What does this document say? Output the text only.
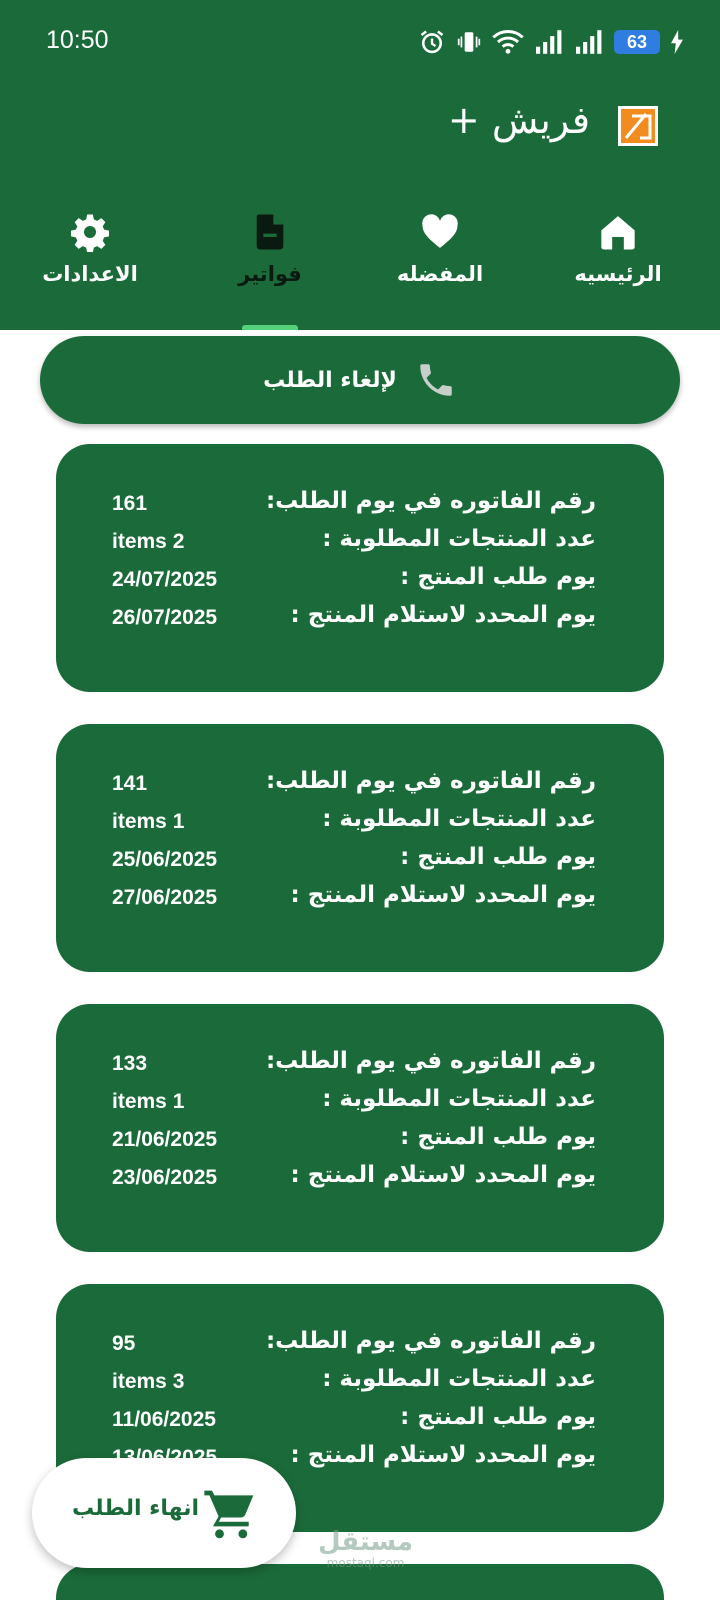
10:50	63
فريش +
الرئيسيه
المفضله
فواتير
الاعدادات
لإلغاء الطلب
رقم الفاتوره في يوم الطلب:
161
عدد المنتجات المطلوبة :
items 2
يوم طلب المنتج :
24/07/2025
يوم المحدد لاستلام المنتج :
26/07/2025
رقم الفاتوره في يوم الطلب:
141
عدد المنتجات المطلوبة :
items 1
يوم طلب المنتج :
25/06/2025
يوم المحدد لاستلام المنتج :
27/06/2025
رقم الفاتوره في يوم الطلب:
133
عدد المنتجات المطلوبة :
items 1
يوم طلب المنتج :
21/06/2025
يوم المحدد لاستلام المنتج :
23/06/2025
رقم الفاتوره في يوم الطلب:
95
عدد المنتجات المطلوبة :
items 3
يوم طلب المنتج :
11/06/2025
يوم المحدد لاستلام المنتج :
مستقل
mostaql.com
انهاء الطلب
